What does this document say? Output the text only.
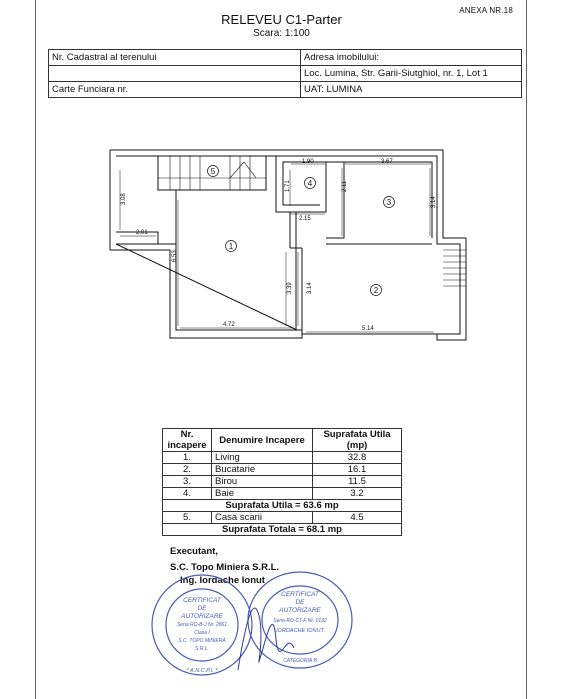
ANEXA NR.18
RELEVEU C1-Parter
Scara: 1:100
Nr. Cadastral al terenului	Adresa imobilului:
	Loc. Lumina, Str. Garii-Siutghiol, nr. 1, Lot 1
Carte Funciara nr.	UAT: LUMINA
1.90	3.67
2.15
2.01
4.72
5.14
3.08
6.53
1.71	2.11
3.14
3.39 3.14
5
4
3
1
2
Nr.
incapere	Denumire Incapere	Suprafata Utila
(mp)
1.	Living	32.8
2.	Bucatarie	16.1
3.	Birou	11.5
4.	Baie	3.2
Suprafata Utila = 63.6 mp		
5.	Casa scarii	4.5
Suprafata Totala = 68.1 mp		
Executant,
S.C. Topo Miniera S.R.L.
Ing. Iordache Ionut
CERTIFICAT
DE
AUTORIZARE
Seria RO-B-J Nr. 2861
Clasa I
S.C. TOPO MINIERA
S.R.L.
* A.N.C.P.I. *
CERTIFICAT
DE
AUTORIZARE
Seria RO-CT-F Nr. 0132
IORDACHE IONUT
CATEGORIA B
